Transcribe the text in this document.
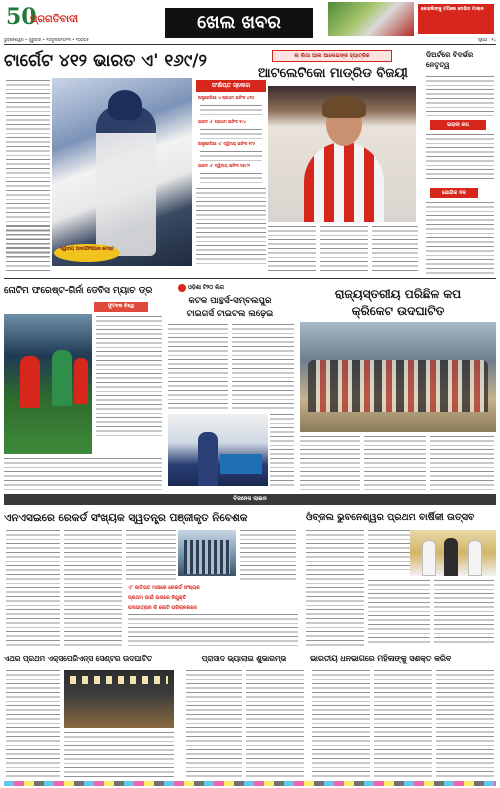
50
ପ୍ରଗତିବାଦୀ	ଖେଲ ଖବର
କୋହଲିଙ୍କୁ ଟପିଲେ ଡେଭିଡ ମାଲାନ
ଭୁବନେଶ୍ୱର • ଗୁରୁବାର • ୨୦ଜୁଲାଇ୨୦୨୩ • ୨୦୦୦୫	ପୃଷ୍ଠା : ୧୪
ଟାର୍ଗେଟ ୪୧୨ ଭାରତ ଏ' ୧୬୯/୨
ଦ୍ୱିତୀୟ ଅନଅଫିସିଆଲ ଟେଷ୍ଟ
ସଂକ୍ଷିପ୍ତ ସ୍କୋର
ଅଷ୍ଟ୍ରେଲିଆ ଏ ପ୍ରଥମ ଇନିଂସ ୪୨୦
ଭାରତ ଏ' ପ୍ରଥମ ଇନିଂସ ୧୯୪
ଅଷ୍ଟ୍ରେଲିଆ ଏ' ଦ୍ୱିତୀୟ ଇନିଂସ ୧୮୫
ଭାରତ ଏ' ଦ୍ୱିତୀୟ ଇନିଂସ ୧୬୯/୨
ଲା ଲିଗା ଆଲ ଆଲେଇଙ୍କ ହ୍ୟାଟ୍ରିକ
ଆଟଲେଟିକୋ ମାଡ୍ରିଡ ବିଜୟୀ
ଡିଅର୍ଟରେ ବିଦର୍ଭର ନେତୃତ୍ୱ
ଇରାନୀ କପ
ଯୋଗିକ ଦଳ
ନୋଟିମ ଫରେଷ୍ଟ-ଗିର୍ନା ଡେବିସ ମ୍ୟାଚ ଡ୍ର
ଫୁଟବଲ ବିଶ୍ୱ
ଓଡ଼ିଶା ଟି୨୦ ଲିଗ
କଟକ ପାନ୍ଥର୍ସ-ସମ୍ବଲପୁର
ଟାଇଗର୍ସ ଟାଇଟଲ ଲଢ଼େଇ
ରାଜ୍ୟସ୍ତରୀୟ ପରିଛିଳ କପ
କ୍ରିକେଟ ଉଦଘାଟିତ
ବିଜନେସ ଲାଇନ
ଏନଏସଇରେ ରେକର୍ଡ ସଂଖ୍ୟକ ସ୍ୱତନ୍ତ୍ର ପଞ୍ଜୀକୃତ ନିବେଶକ
ଏ' ଜାତିଗତ ମାସରେ ରେକର୍ଡ ସଂଖ୍ୟକ
ପ୍ରଥମ ପାଇଁ ଉପରେ ନିଯୁକ୍ତି
ପଦଯାତ୍ରାର କି କୋଟି ପରିଚାଳନାରେ
ଓଁବ୍ଜଲ ଭୁବନେଶ୍ୱର ପ୍ରଥମ ବାର୍ଷିକୀ ଉତ୍ସବ
ଏଥର ପ୍ରଥମ ଏକ୍ସପେରିଏନ୍ସ ସେଣ୍ଟର ଉଦଘାଟିତ	ପ୍ରାସାଦ ଭ୍ୟାଲାଇ ଶୁଭାରମ୍ଭ	ଭାରତୀୟ ଧନଭାଗରେ ମହିଳାଙ୍କୁ ସଶକ୍ତ କରିବ
